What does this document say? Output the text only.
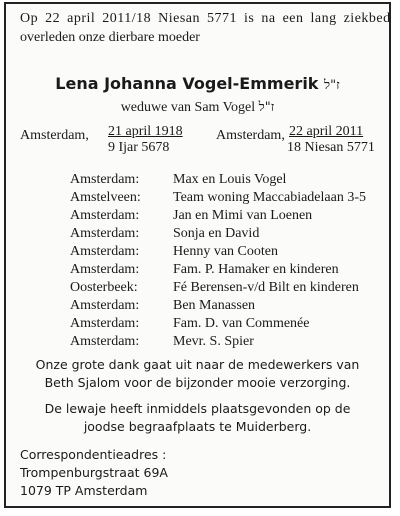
Op 22 april 2011/18 Niesan 5771 is na een lang ziekbed
overleden onze dierbare moeder
Lena Johanna Vogel-Emmerik ז"ל
weduwe van Sam Vogel ז"ל
Amsterdam, 21 april 1918
9 Ijar 5678
Amsterdam, 22 april 2011
18 Niesan 5771
Amsterdam: Max en Louis Vogel
Amstelveen: Team woning Maccabiadelaan 3-5
Amsterdam: Jan en Mimi van Loenen
Amsterdam: Sonja en David
Amsterdam: Henny van Cooten
Amsterdam: Fam. P. Hamaker en kinderen
Oosterbeek:	Fé Berensen-v/d Bilt en kinderen
Amsterdam: Ben Manassen
Amsterdam: Fam. D. van Commenée
Amsterdam: Mevr. S. Spier
Onze grote dank gaat uit naar de medewerkers van
Beth Sjalom voor de bijzonder mooie verzorging.
De lewaje heeft inmiddels plaatsgevonden op de
joodse begraafplaats te Muiderberg.
Correspondentieadres :
Trompenburgstraat 69A
1079 TP Amsterdam
